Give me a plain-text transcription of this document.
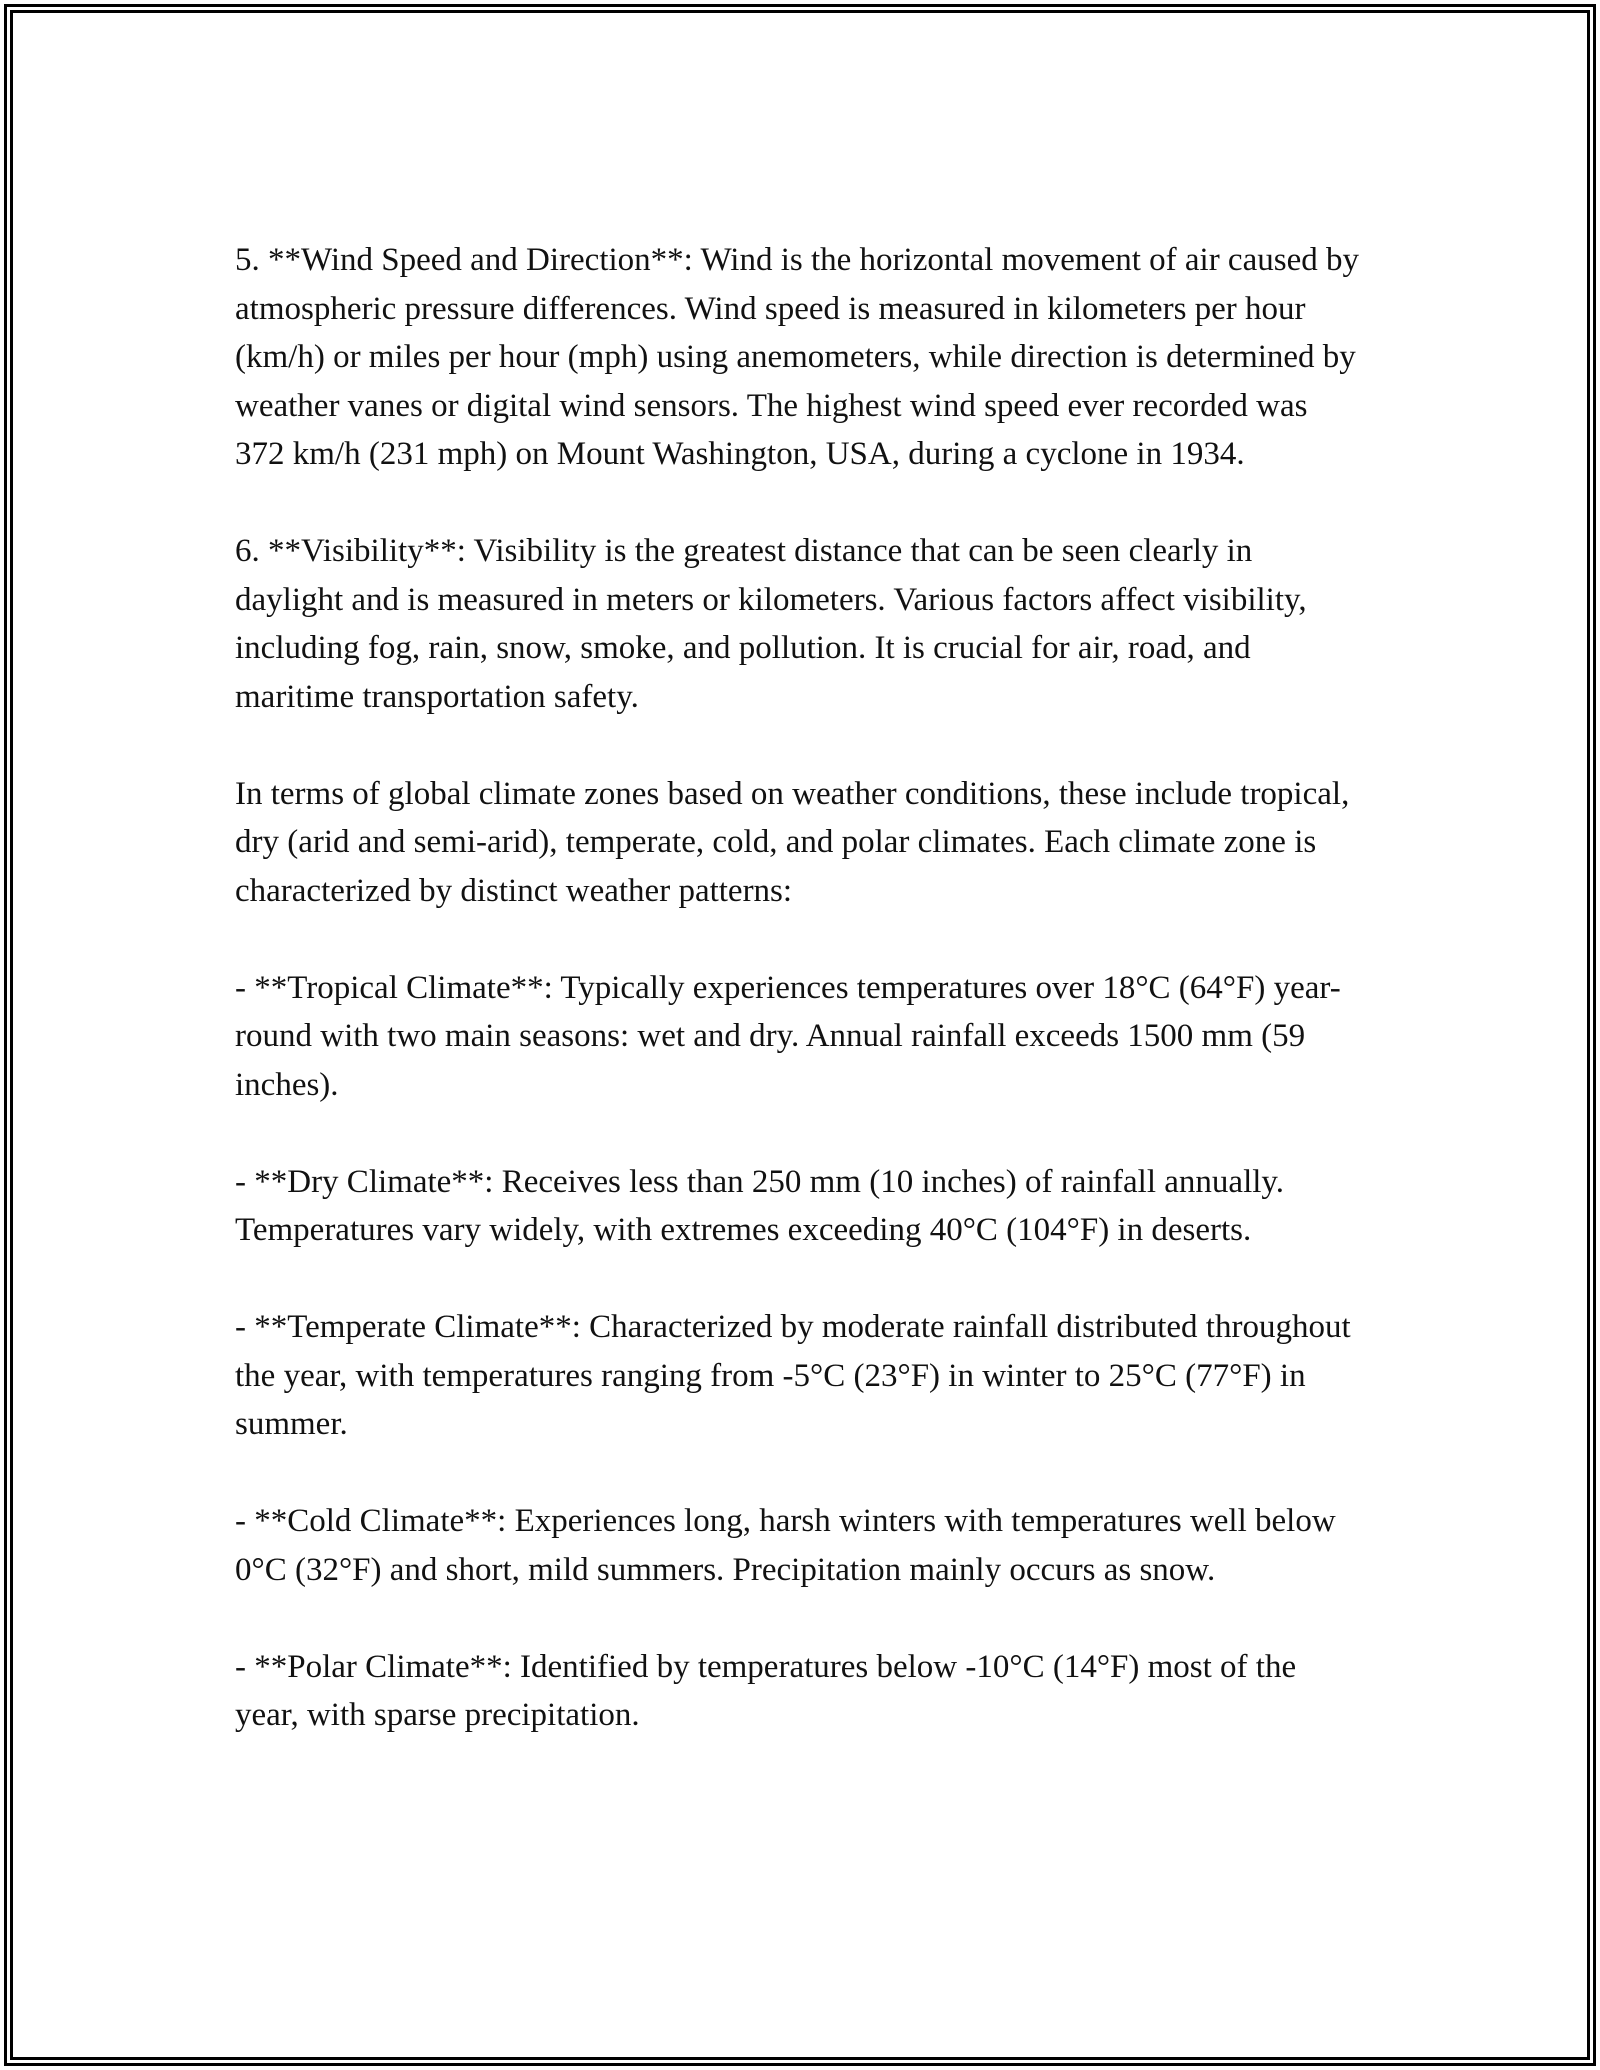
5. **Wind Speed and Direction**: Wind is the horizontal movement of air caused by atmospheric pressure differences. Wind speed is measured in kilometers per hour (km/h) or miles per hour (mph) using anemometers, while direction is determined by weather vanes or digital wind sensors. The highest wind speed ever recorded was 372 km/h (231 mph) on Mount Washington, USA, during a cyclone in 1934.

6. **Visibility**: Visibility is the greatest distance that can be seen clearly in daylight and is measured in meters or kilometers. Various factors affect visibility, including fog, rain, snow, smoke, and pollution. It is crucial for air, road, and maritime transportation safety.

In terms of global climate zones based on weather conditions, these include tropical, dry (arid and semi-arid), temperate, cold, and polar climates. Each climate zone is characterized by distinct weather patterns:

- **Tropical Climate**: Typically experiences temperatures over 18°C (64°F) year-round with two main seasons: wet and dry. Annual rainfall exceeds 1500 mm (59 inches).

- **Dry Climate**: Receives less than 250 mm (10 inches) of rainfall annually. Temperatures vary widely, with extremes exceeding 40°C (104°F) in deserts.

- **Temperate Climate**: Characterized by moderate rainfall distributed throughout the year, with temperatures ranging from -5°C (23°F) in winter to 25°C (77°F) in summer.

- **Cold Climate**: Experiences long, harsh winters with temperatures well below 0°C (32°F) and short, mild summers. Precipitation mainly occurs as snow.

- **Polar Climate**: Identified by temperatures below -10°C (14°F) most of the year, with sparse precipitation.
